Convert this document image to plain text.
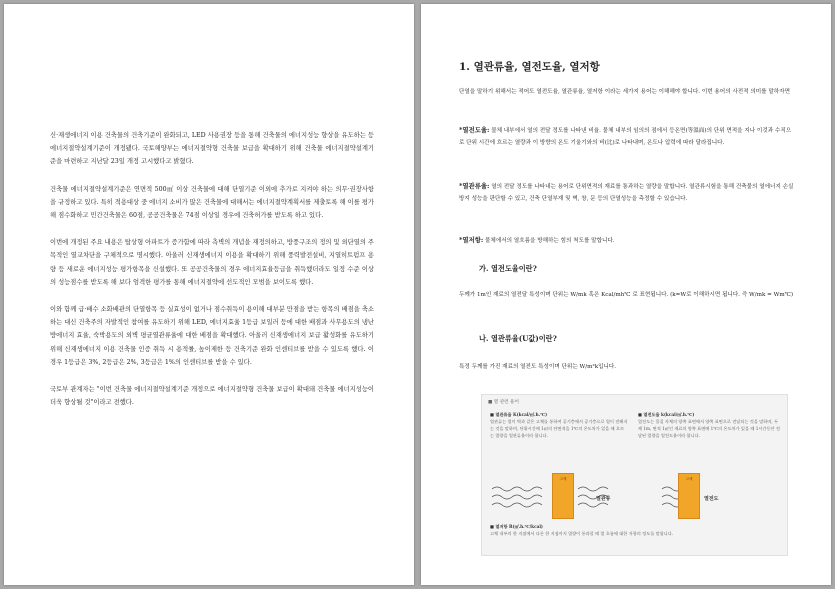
신·재생에너지 이용 건축물의 건축기준이 완화되고, LED 사용권장 등을 통해 건축물의 에너지성능 향상을 유도하는 등 에너지절약설계기준이 개정됐다. 국토해양부는 에너지절약형 건축물 보급을 확대하기 위해 건축물 에너지절약설계기준을 마련하고 지난달 23일 개정 고시했다고 밝혔다.

건축물 에너지절약설계기준은 연면적 500㎡ 이상 건축물에 대해 단열기준 이외에 추가로 지켜야 하는 의무·권장사항을 규정하고 있다. 특히 적용대상 중 에너지 소비가 많은 건축물에 대해서는 에너지절약계획서를 제출토록 해 이를 평가해 점수화하고 민간건축물은 60점, 공공건축물은 74점 이상일 경우에 건축허가를 받도록 하고 있다.

이번에 개정된 주요 내용은 탑상형 아파트가 증가함에 따라 측벽의 개념을 재정의하고, 방풍구조의 정의 및 외단열의 주목적인 열교차단을 구체적으로 명시했다. 아울러 신재생에너지 이용을 확대하기 위해 풍력발전설비, 지열히트펌프 용량 등 새로운 에너지성능 평가항목을 신설했다. 또 공공건축물의 경우 에너지효율등급을 취득했더라도 일정 수준 이상의 성능점수를 받도록 해 보다 엄격한 평가를 통해 에너지절약에 선도적인 모범을 보이도록 했다.

이와 함께 급·배수 소화배관의 단열항목 등 실효성이 없거나 점수취득이 용이해 대부분 만점을 받는 항목의 배점을 축소하는 대신 건축주의 자발적인 참여를 유도하기 위해 LED, 에너지효율 1등급 보일러 등에 대한 배점과 사무용도의 냉난방에너지 효율, 숙박용도의 외벽 평균열관류율에 대한 배점을 확대했다. 아울러 신재생에너지 보급 활성화를 유도하기 위해 신재생에너지 이용 건축물 인증 취득 시 용적률, 높이제한 등 건축기준 완화 인센티브를 받을 수 있도록 했다. 이 경우 1등급은 3%, 2등급은 2%, 3등급은 1%의 인센티브를 받을 수 있다.

국토부 관계자는 "이번 건축물 에너지절약설계기준 개정으로 에너지절약형 건축물 보급이 확대돼 건축물 에너지성능이 더욱 향상될 것"이라고 전했다.

1. 열관류율, 열전도율, 열저항

단열을 말하기 위해서는 적어도 열전도율, 열관류율, 열저항 이라는 세가지 용어는 이해해야 합니다. 이번 용어의 사전적 의미를 말하자면

*열전도율: 물체 내부에서 열의 전달 정도를 나타낸 비율. 물체 내부의 임의의 점에서 등온면(等溫面)의 단위 면적을 지나 이것과 수직으로 단위 시간에 흐르는 열량과 이 방향의 온도 기울기와의 비(比)로 나타내며, 온도나 압력에 따라 달라집니다.

*열관류율: 열의 전달 정도를 나타내는 용어로 단위면적의 재료를 통과하는 열량을 말합니다. 열관류시험을 통해 건축물의 열에너지 손실 방지 성능을 판단할 수 있고, 건축 단열부재 및 벽, 창, 문 등의 단열성능을 측정할 수 있습니다.

*열저항: 물체에서의 열흐름을 방해하는 힘의 척도를 말합니다.

가. 열전도율이란?

두께가 1m인 재료의 열전달 특성이며 단위는 W/mk 혹은 Kcal/mh℃ 로 표현됩니다. (k=W로 이해하시면 됩니다. 즉 W/mk = Wm℃)

나. 열관류율(U값)이란?

특정 두께를 가진 재료의 열전도 특성이며 단위는 W/m²k입니다.

■ 열 관련 용어
■ 열관류율 K(kcal/㎡.h.℃)
열관류는 열이 벽과 같은 고체를 통하여 공기층에서 공기층으로 열이 전해지는 것을 말하며, 단위시간에 1㎡의 단면적을 1℃의 온도차가 있을 때 흐르는 열량을 열관류율이라 합니다.
■ 열전도율 k(kcal/㎡.h.℃)
열전도는 물질 자체의 양쪽 표면에서 양쪽 표면으로 전달되는 것을 말하며, 두께 1m, 면적 1㎡인 재료의 양쪽 표면에 1℃의 온도차가 있을 때 1시간동안 전달된 열량을 열전도율이라 합니다.
고체
열관류
고체
열전도
■ 열저항 R(㎡.h.℃/kcal)
고체 내부의 한 지점에서 다른 한 지점까지 열량이 통과할 때 열 흐름에 대한 저항의 정도를 말합니다.
